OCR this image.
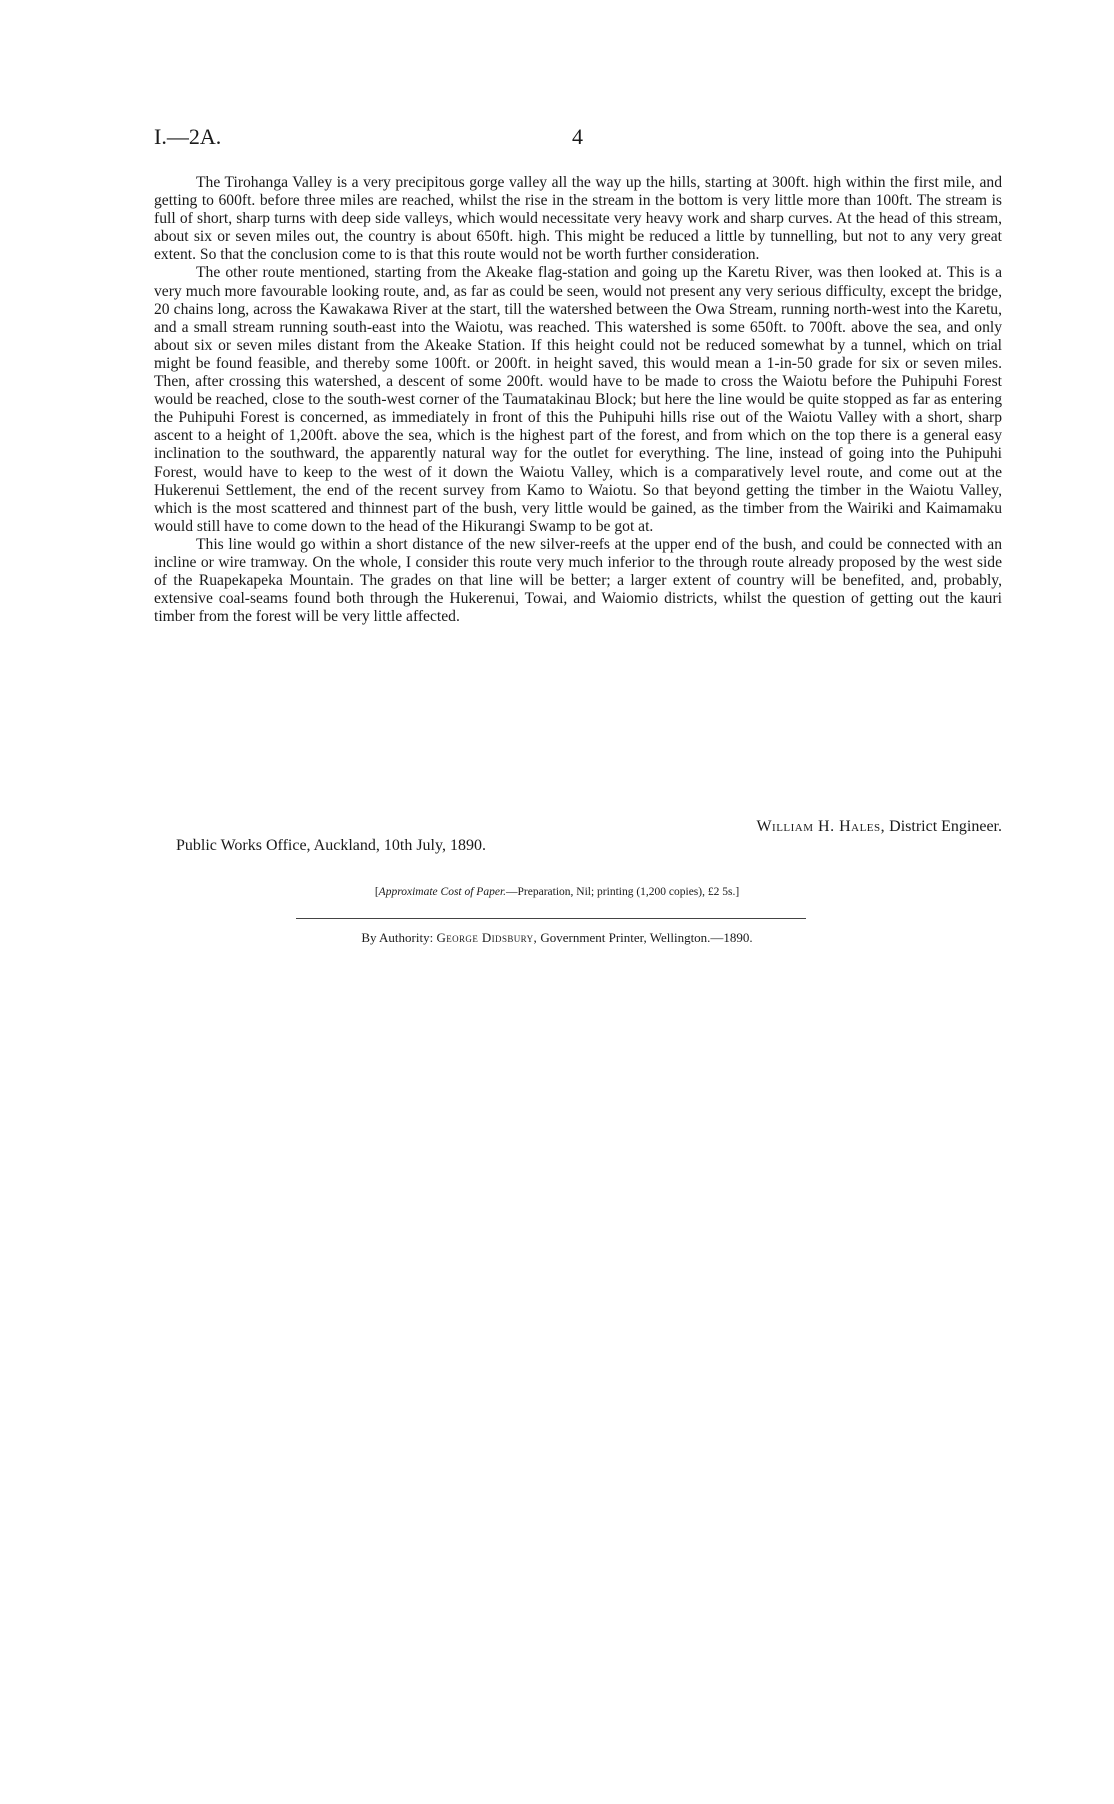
I.—2A.	4

The Tirohanga Valley is a very precipitous gorge valley all the way up the hills, starting at 300ft. high within the first mile, and getting to 600ft. before three miles are reached, whilst the rise in the stream in the bottom is very little more than 100ft. The stream is full of short, sharp turns with deep side valleys, which would necessitate very heavy work and sharp curves. At the head of this stream, about six or seven miles out, the country is about 650ft. high. This might be reduced a little by tunnelling, but not to any very great extent. So that the conclusion come to is that this route would not be worth further consideration.

The other route mentioned, starting from the Akeake flag-station and going up the Karetu River, was then looked at. This is a very much more favourable looking route, and, as far as could be seen, would not present any very serious difficulty, except the bridge, 20 chains long, across the Kawakawa River at the start, till the watershed between the Owa Stream, running north-west into the Karetu, and a small stream running south-east into the Waiotu, was reached. This watershed is some 650ft. to 700ft. above the sea, and only about six or seven miles distant from the Akeake Station. If this height could not be reduced somewhat by a tunnel, which on trial might be found feasible, and thereby some 100ft. or 200ft. in height saved, this would mean a 1-in-50 grade for six or seven miles. Then, after crossing this watershed, a descent of some 200ft. would have to be made to cross the Waiotu before the Puhipuhi Forest would be reached, close to the south-west corner of the Taumatakinau Block; but here the line would be quite stopped as far as entering the Puhipuhi Forest is concerned, as immediately in front of this the Puhipuhi hills rise out of the Waiotu Valley with a short, sharp ascent to a height of 1,200ft. above the sea, which is the highest part of the forest, and from which on the top there is a general easy inclination to the southward, the apparently natural way for the outlet for everything. The line, instead of going into the Puhipuhi Forest, would have to keep to the west of it down the Waiotu Valley, which is a comparatively level route, and come out at the Hukerenui Settlement, the end of the recent survey from Kamo to Waiotu. So that beyond getting the timber in the Waiotu Valley, which is the most scattered and thinnest part of the bush, very little would be gained, as the timber from the Wairiki and Kaimamaku would still have to come down to the head of the Hikurangi Swamp to be got at.

This line would go within a short distance of the new silver-reefs at the upper end of the bush, and could be connected with an incline or wire tramway. On the whole, I consider this route very much inferior to the through route already proposed by the west side of the Ruapekapeka Mountain. The grades on that line will be better; a larger extent of country will be benefited, and, probably, extensive coal-seams found both through the Hukerenui, Towai, and Waiomio districts, whilst the question of getting out the kauri timber from the forest will be very little affected.

William H. Hales, District Engineer.
Public Works Office, Auckland, 10th July, 1890.
[Approximate Cost of Paper.—Preparation, Nil; printing (1,200 copies), £2 5s.]
By Authority: George Didsbury, Government Printer, Wellington.—1890.
